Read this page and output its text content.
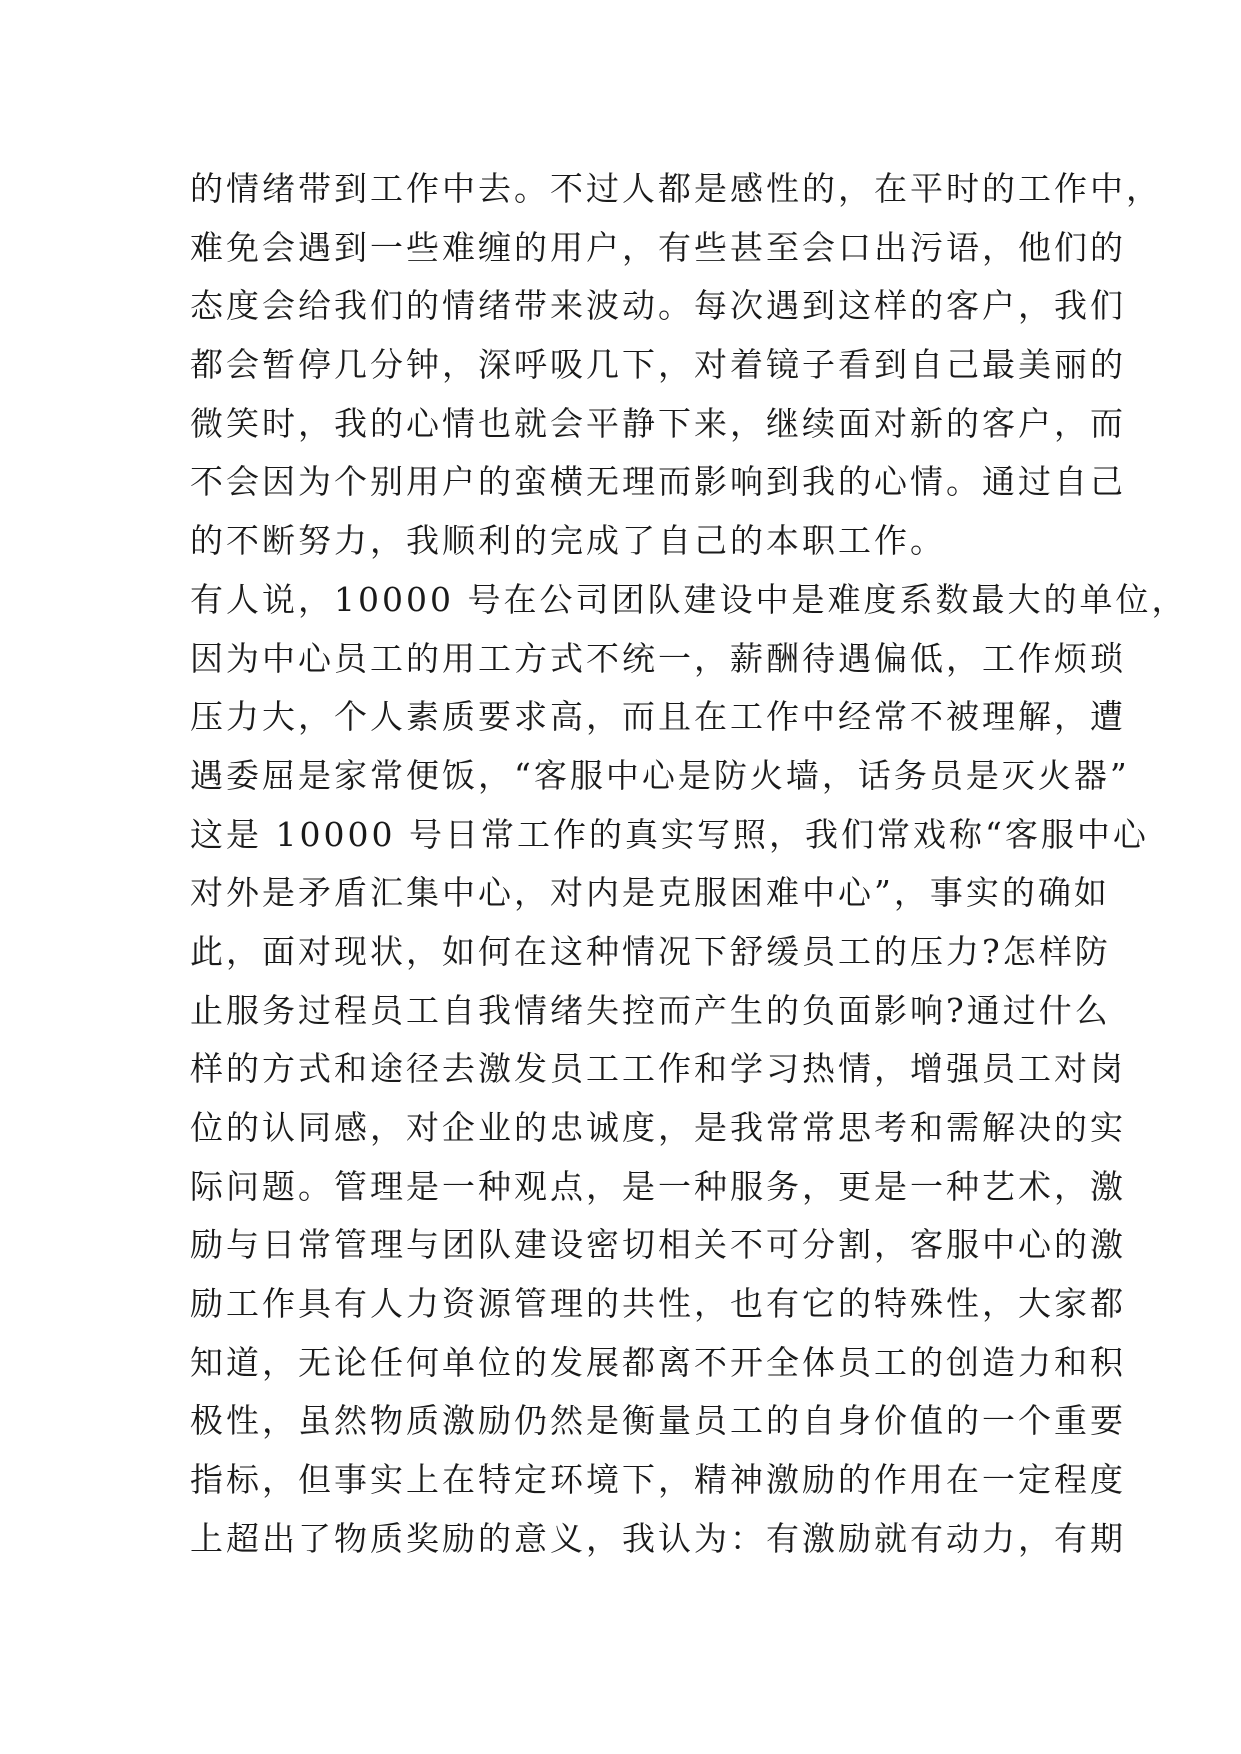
的情绪带到工作中去。不过人都是感性的，在平时的工作中，
难免会遇到一些难缠的用户，有些甚至会口出污语，他们的
态度会给我们的情绪带来波动。每次遇到这样的客户，我们
都会暂停几分钟，深呼吸几下，对着镜子看到自己最美丽的
微笑时，我的心情也就会平静下来，继续面对新的客户，而
不会因为个别用户的蛮横无理而影响到我的心情。通过自己
的不断努力，我顺利的完成了自己的本职工作。
有人说，10000 号在公司团队建设中是难度系数最大的单位，
因为中心员工的用工方式不统一，薪酬待遇偏低，工作烦琐
压力大，个人素质要求高，而且在工作中经常不被理解，遭
遇委屈是家常便饭，“客服中心是防火墙，话务员是灭火器”
这是 10000 号日常工作的真实写照，我们常戏称“客服中心
对外是矛盾汇集中心，对内是克服困难中心”，事实的确如
此，面对现状，如何在这种情况下舒缓员工的压力?怎样防
止服务过程员工自我情绪失控而产生的负面影响?通过什么
样的方式和途径去激发员工工作和学习热情，增强员工对岗
位的认同感，对企业的忠诚度，是我常常思考和需解决的实
际问题。管理是一种观点，是一种服务，更是一种艺术，激
励与日常管理与团队建设密切相关不可分割，客服中心的激
励工作具有人力资源管理的共性，也有它的特殊性，大家都
知道，无论任何单位的发展都离不开全体员工的创造力和积
极性，虽然物质激励仍然是衡量员工的自身价值的一个重要
指标，但事实上在特定环境下，精神激励的作用在一定程度
上超出了物质奖励的意义，我认为：有激励就有动力，有期
